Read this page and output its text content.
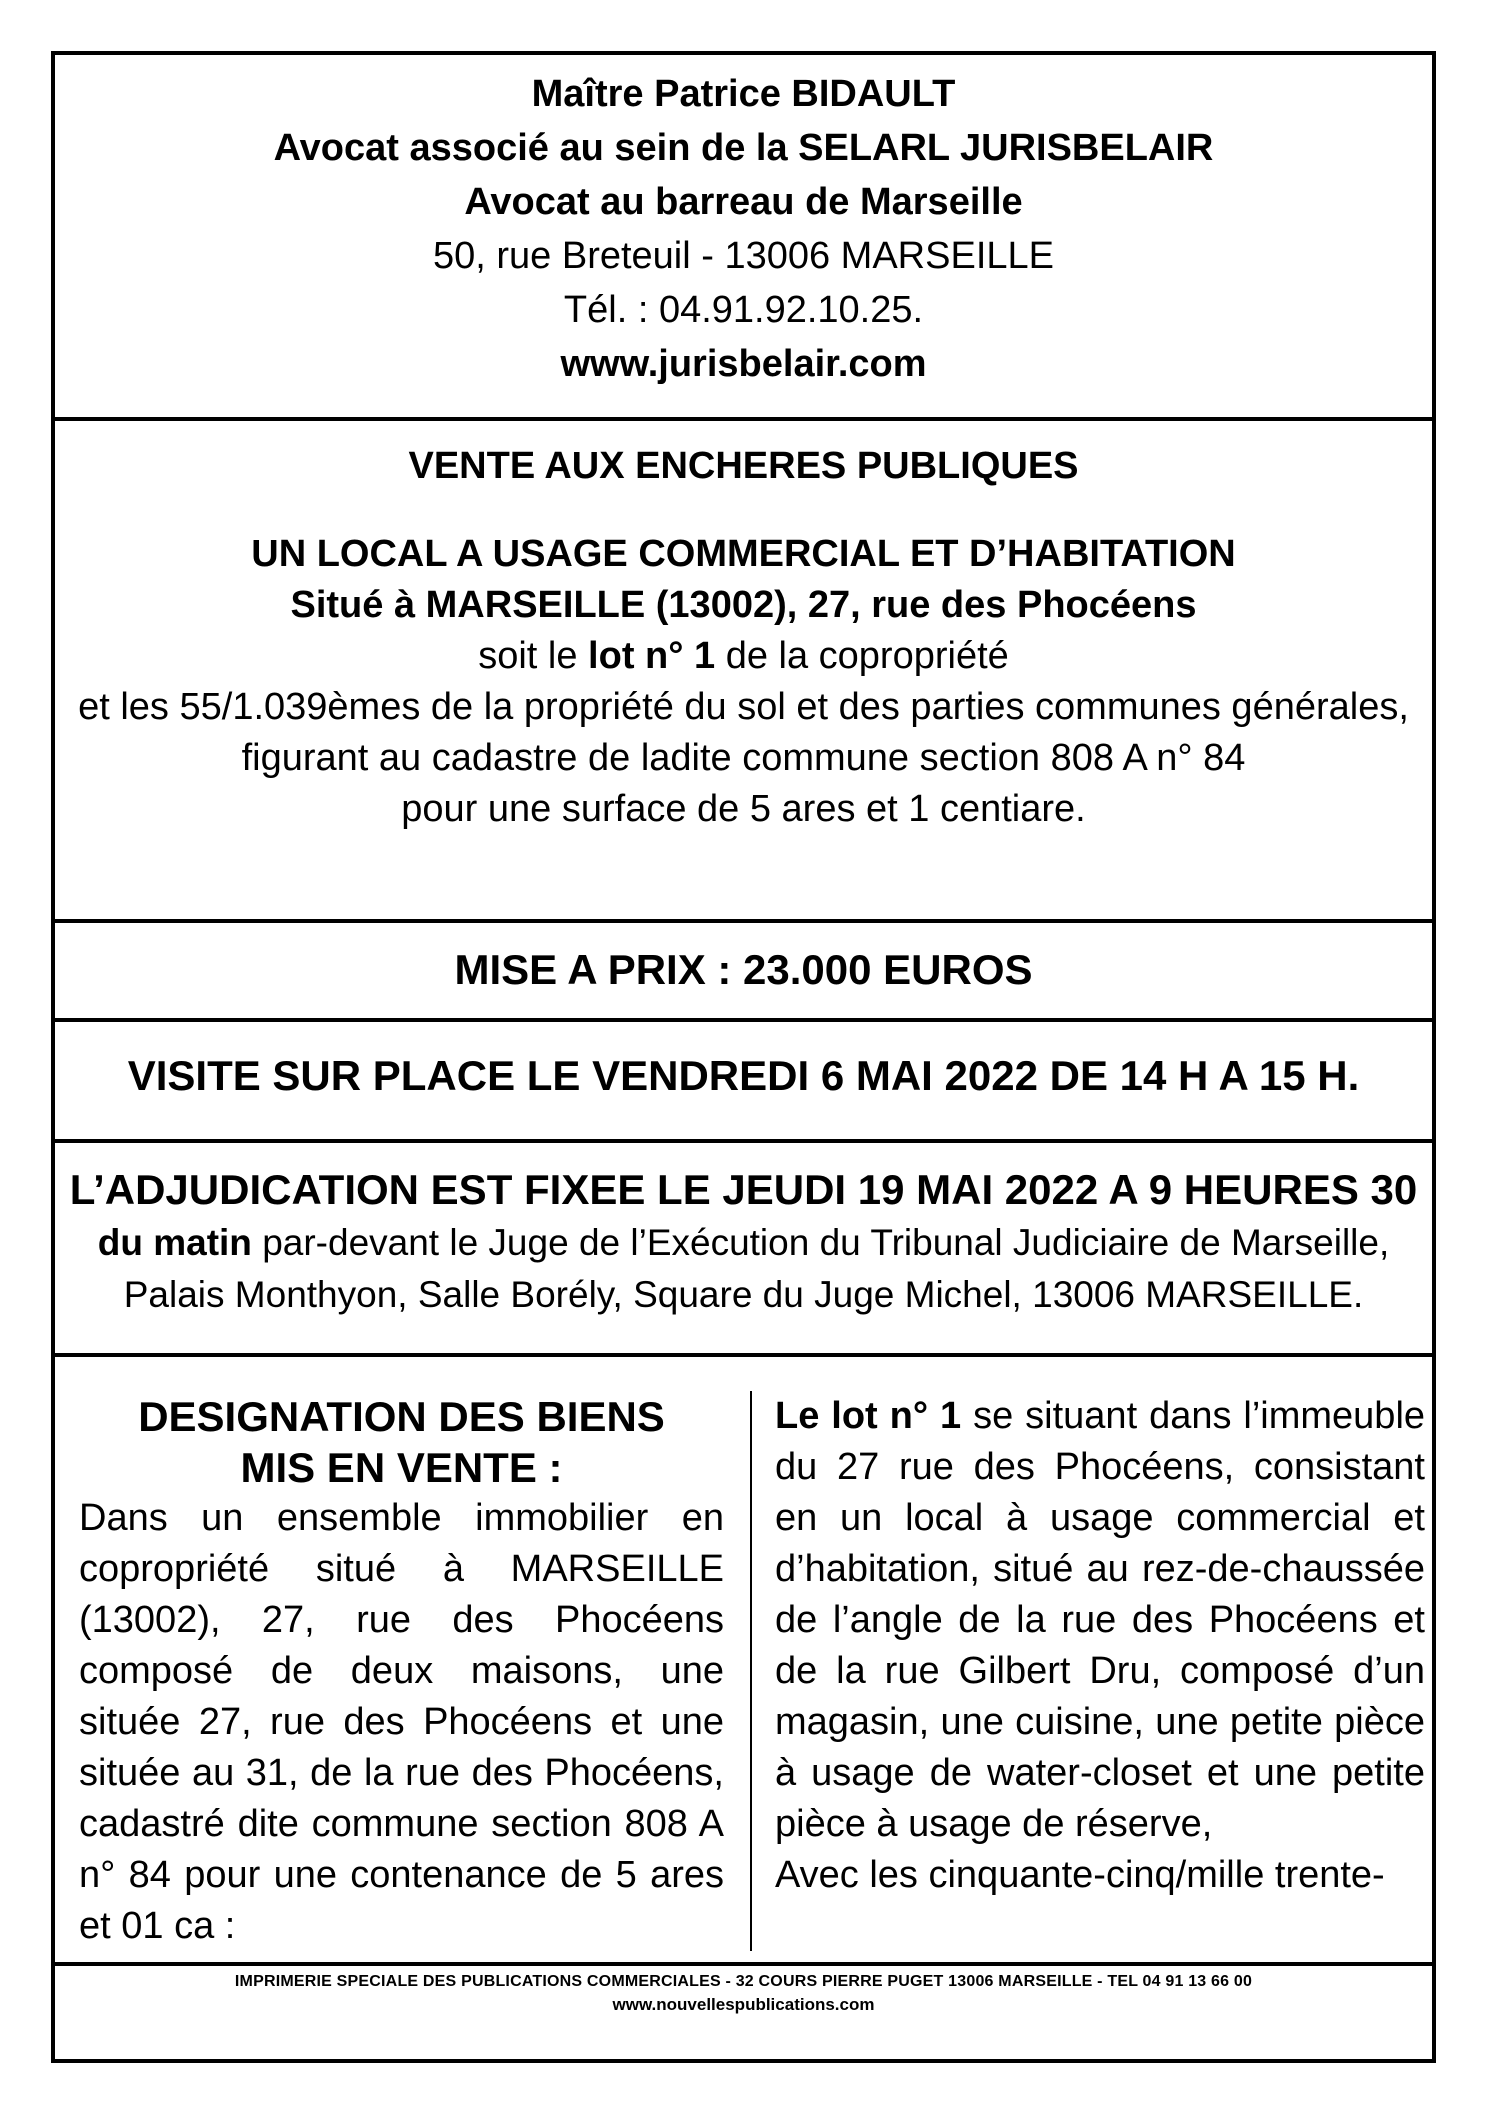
Maître Patrice BIDAULT
Avocat associé au sein de la SELARL JURISBELAIR
Avocat au barreau de Marseille
50, rue Breteuil - 13006 MARSEILLE
Tél. : 04.91.92.10.25.
www.jurisbelair.com
VENTE AUX ENCHERES PUBLIQUES
UN LOCAL A USAGE COMMERCIAL ET D’HABITATION
Situé à MARSEILLE (13002), 27, rue des Phocéens
soit le lot n° 1 de la copropriété
et les 55/1.039èmes de la propriété du sol et des parties communes générales,
figurant au cadastre de ladite commune section 808 A n° 84
pour une surface de 5 ares et 1 centiare.
MISE A PRIX : 23.000 EUROS
VISITE SUR PLACE LE VENDREDI 6 MAI 2022 DE 14 H A 15 H.
L’ADJUDICATION EST FIXEE LE JEUDI 19 MAI 2022 A 9 HEURES 30
du matin par-devant le Juge de l’Exécution du Tribunal Judiciaire de Marseille,
Palais Monthyon, Salle Borély, Square du Juge Michel, 13006 MARSEILLE.
DESIGNATION DES BIENS
MIS EN VENTE :

Dans un ensemble immobilier en copropriété situé à MARSEILLE (13002), 27, rue des Phocéens composé de deux maisons, une située 27, rue des Phocéens et une située au 31, de la rue des Phocéens, cadastré dite commune section 808 A n° 84 pour une contenance de 5 ares et 01 ca :

Le lot n° 1 se situant dans l’immeuble du 27 rue des Phocéens, consistant en un local à usage commercial et d’habitation, situé au rez-de-chaussée de l’angle de la rue des Phocéens et de la rue Gilbert Dru, composé d’un magasin, une cuisine, une petite pièce à usage de water-closet et une petite pièce à usage de réserve,

Avec les cinquante-cinq/mille trente-

IMPRIMERIE SPECIALE DES PUBLICATIONS COMMERCIALES - 32 COURS PIERRE PUGET 13006 MARSEILLE - TEL 04 91 13 66 00
www.nouvellespublications.com
